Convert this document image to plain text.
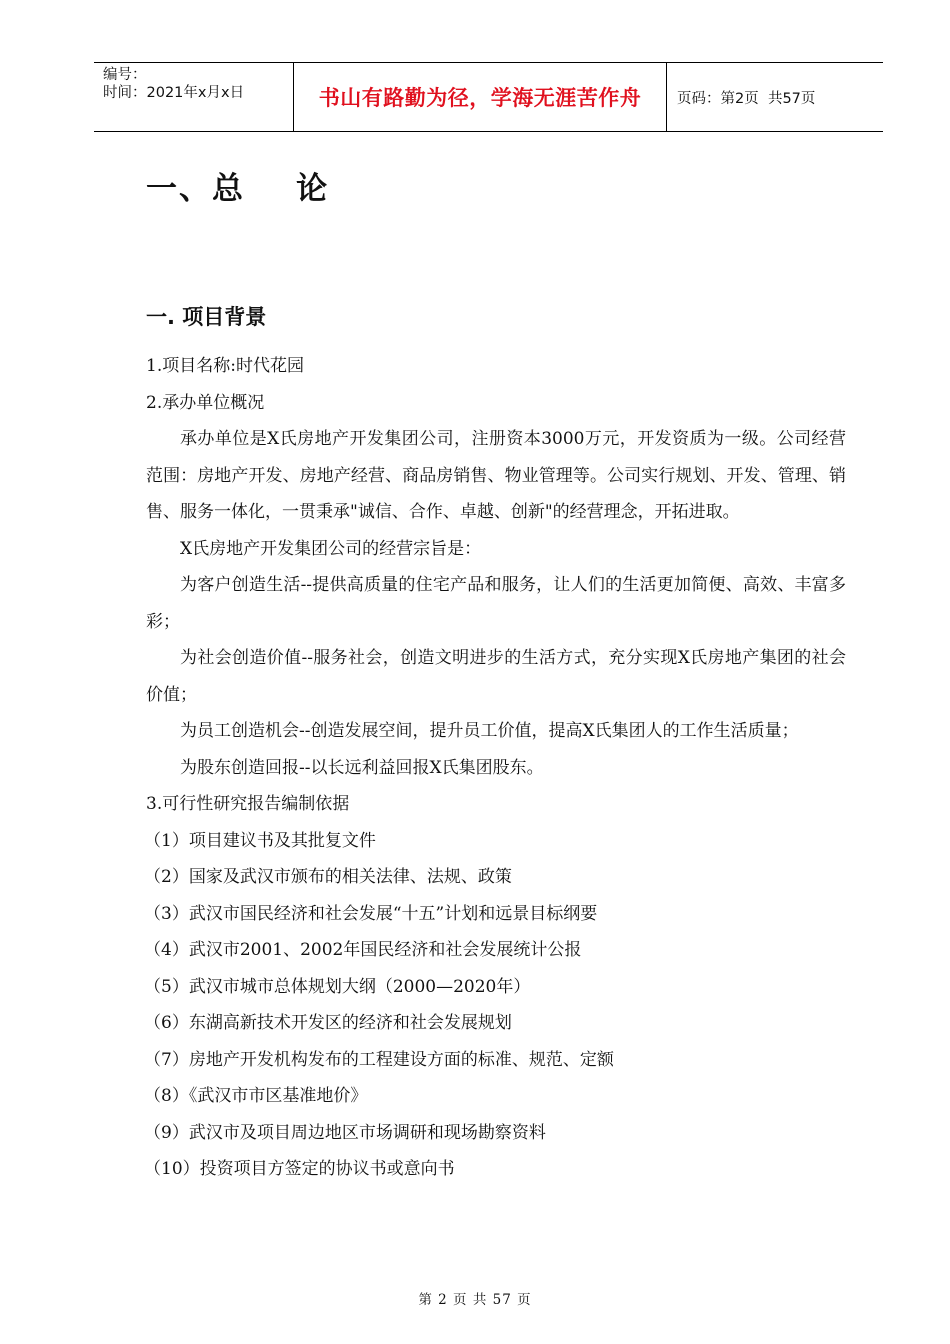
编号：
时间：2021年x月x日	书山有路勤为径，学海无涯苦作舟	页码：第2页  共57页
一、总    论
一. 项目背景
1.项目名称:时代花园
2.承办单位概况
承办单位是X氏房地产开发集团公司，注册资本3000万元，开发资质为一级。公司经营范围：房地产开发、房地产经营、商品房销售、物业管理等。公司实行规划、开发、管理、销售、服务一体化，一贯秉承"诚信、合作、卓越、创新"的经营理念，开拓进取。
X氏房地产开发集团公司的经营宗旨是：
为客户创造生活--提供高质量的住宅产品和服务，让人们的生活更加简便、高效、丰富多彩；
为社会创造价值--服务社会，创造文明进步的生活方式，充分实现X氏房地产集团的社会价值；
为员工创造机会--创造发展空间，提升员工价值，提高X氏集团人的工作生活质量；
为股东创造回报--以长远利益回报X氏集团股东。
3.可行性研究报告编制依据
（1）项目建议书及其批复文件
（2）国家及武汉市颁布的相关法律、法规、政策
（3）武汉市国民经济和社会发展“十五”计划和远景目标纲要
（4）武汉市2001、2002年国民经济和社会发展统计公报
（5）武汉市城市总体规划大纲（2000—2020年）
（6）东湖高新技术开发区的经济和社会发展规划
（7）房地产开发机构发布的工程建设方面的标准、规范、定额
（8）《武汉市市区基准地价》
（9）武汉市及项目周边地区市场调研和现场勘察资料
（10）投资项目方签定的协议书或意向书
第 2 页 共 57 页
